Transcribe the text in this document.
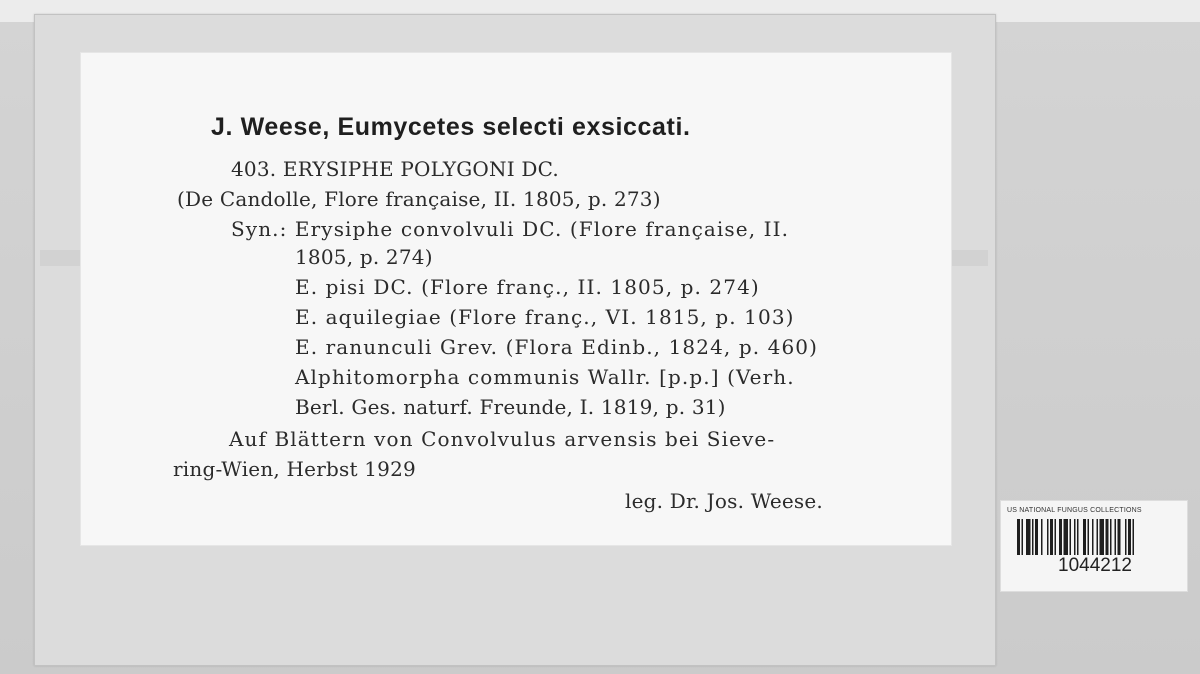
J. Weese, Eumycetes selecti exsiccati.
403. ERYSIPHE POLYGONI DC.
(De Candolle, Flore française, II. 1805, p. 273)
Syn.: Erysiphe convolvuli DC. (Flore française, II.
1805, p. 274)
E. pisi DC. (Flore franç., II. 1805, p. 274)
E. aquilegiae (Flore franç., VI. 1815, p. 103)
E. ranunculi Grev. (Flora Edinb., 1824, p. 460)
Alphitomorpha communis Wallr. [p.p.] (Verh.
Berl. Ges. naturf. Freunde, I. 1819, p. 31)
Auf Blättern von Convolvulus arvensis bei Sieve-
ring-Wien, Herbst 1929
leg. Dr. Jos. Weese.	US NATIONAL FUNGUS COLLECTIONS
1044212
